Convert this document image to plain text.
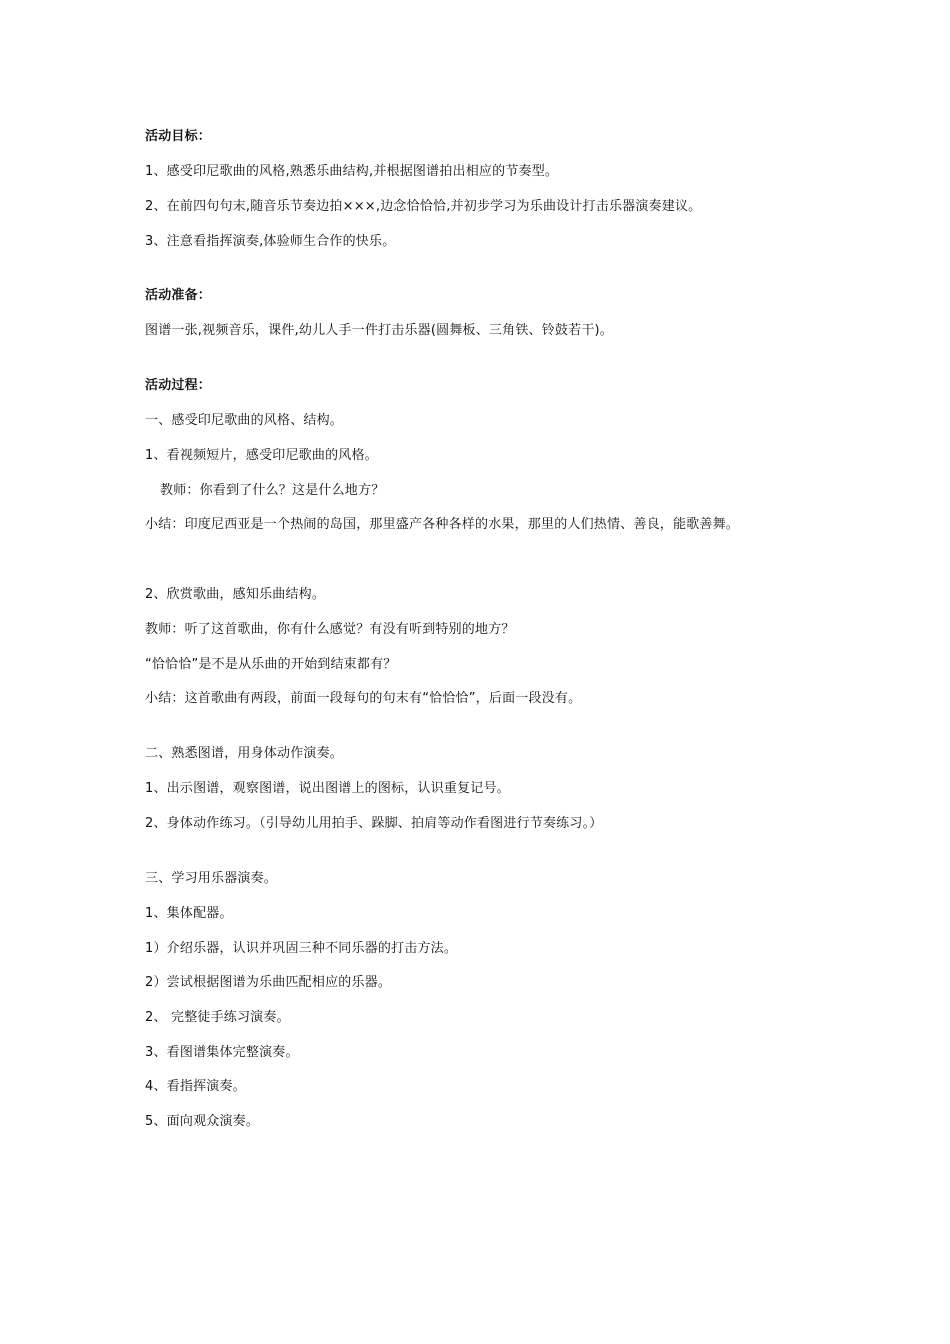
活动目标：
1、感受印尼歌曲的风格,熟悉乐曲结构,并根据图谱拍出相应的节奏型。
2、在前四句句末,随音乐节奏边拍×××,边念恰恰恰,并初步学习为乐曲设计打击乐器演奏建议。
3、注意看指挥演奏,体验师生合作的快乐。
活动准备：
图谱一张,视频音乐，课件,幼儿人手一件打击乐器(圆舞板、三角铁、铃鼓若干)。
活动过程：
一、感受印尼歌曲的风格、结构。
1、看视频短片，感受印尼歌曲的风格。
教师：你看到了什么？这是什么地方？
小结：印度尼西亚是一个热闹的岛国，那里盛产各种各样的水果，那里的人们热情、善良，能歌善舞。
2、欣赏歌曲，感知乐曲结构。
教师：听了这首歌曲，你有什么感觉？有没有听到特别的地方？
“恰恰恰”是不是从乐曲的开始到结束都有？
小结：这首歌曲有两段，前面一段每句的句末有“恰恰恰”，后面一段没有。
二、熟悉图谱，用身体动作演奏。
1、出示图谱，观察图谱，说出图谱上的图标，认识重复记号。
2、身体动作练习。（引导幼儿用拍手、跺脚、拍肩等动作看图进行节奏练习。）
三、学习用乐器演奏。
1、集体配器。
1）介绍乐器，认识并巩固三种不同乐器的打击方法。
2）尝试根据图谱为乐曲匹配相应的乐器。
2、 完整徒手练习演奏。
3、看图谱集体完整演奏。
4、看指挥演奏。
5、面向观众演奏。
